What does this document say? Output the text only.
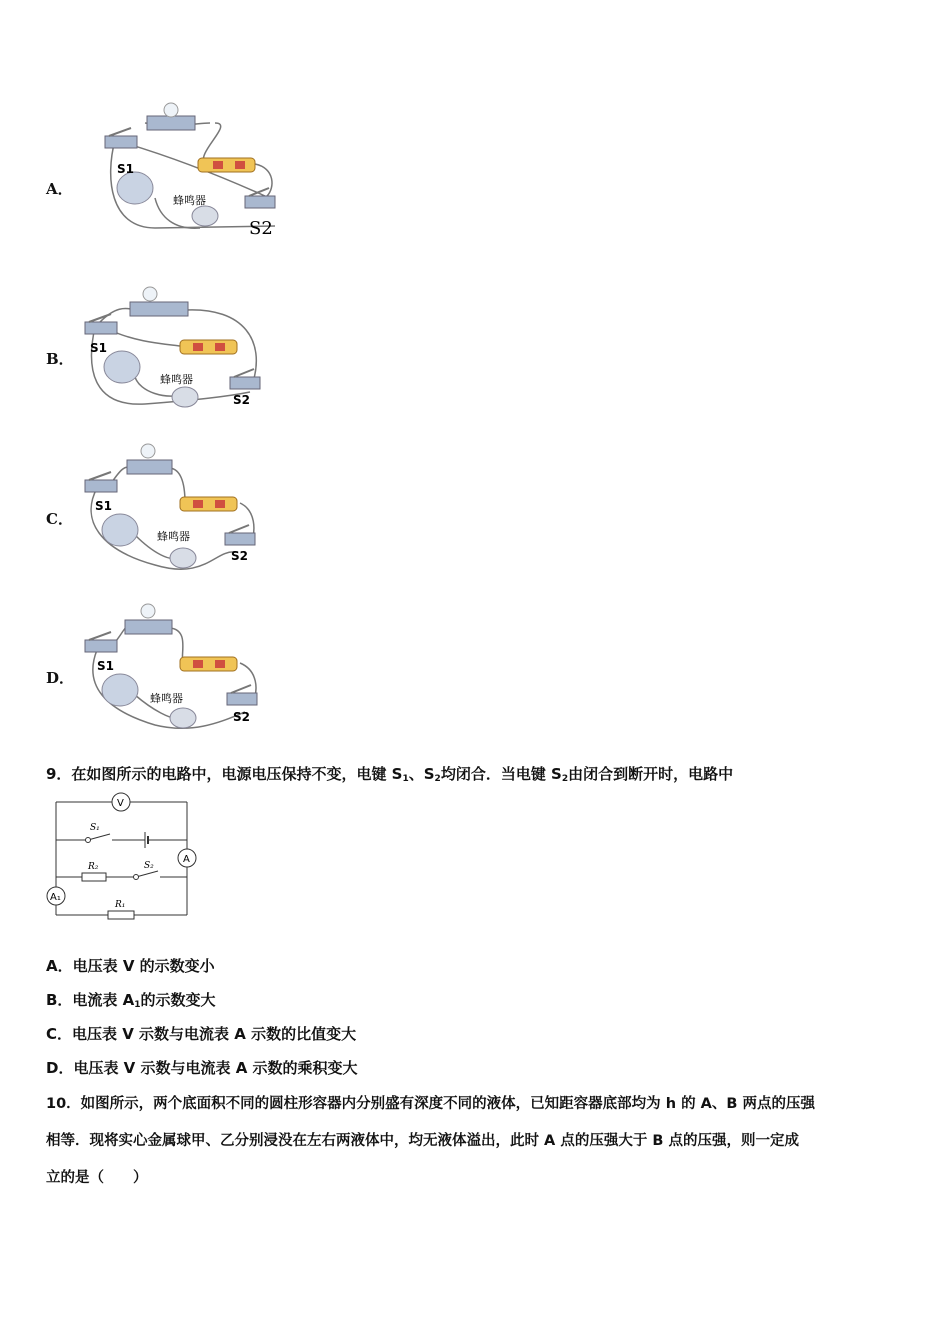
A．
S1
蜂鸣器
S2
B．
S1
蜂鸣器
S2
C．
S1
蜂鸣器
S2
D．
S1
蜂鸣器
S2
9．在如图所示的电路中，电源电压保持不变，电键 $S_1$、$S_2$均闭合．当电键 $S_2$由闭合到断开时，电路中
V
A
A₁
S₁
S₂
R₂
R₁
A．电压表 V 的示数变小
B．电流表 $A_1$的示数变大
C．电压表 V 示数与电流表 A 示数的比值变大
D．电压表 V 示数与电流表 A 示数的乘积变大
10．如图所示，两个底面积不同的圆柱形容器内分别盛有深度不同的液体，已知距容器底部均为 h 的 A、B 两点的压强
相等．现将实心金属球甲、乙分别浸没在左右两液体中，均无液体溢出，此时 A 点的压强大于 B 点的压强，则一定成
立的是（　　）
